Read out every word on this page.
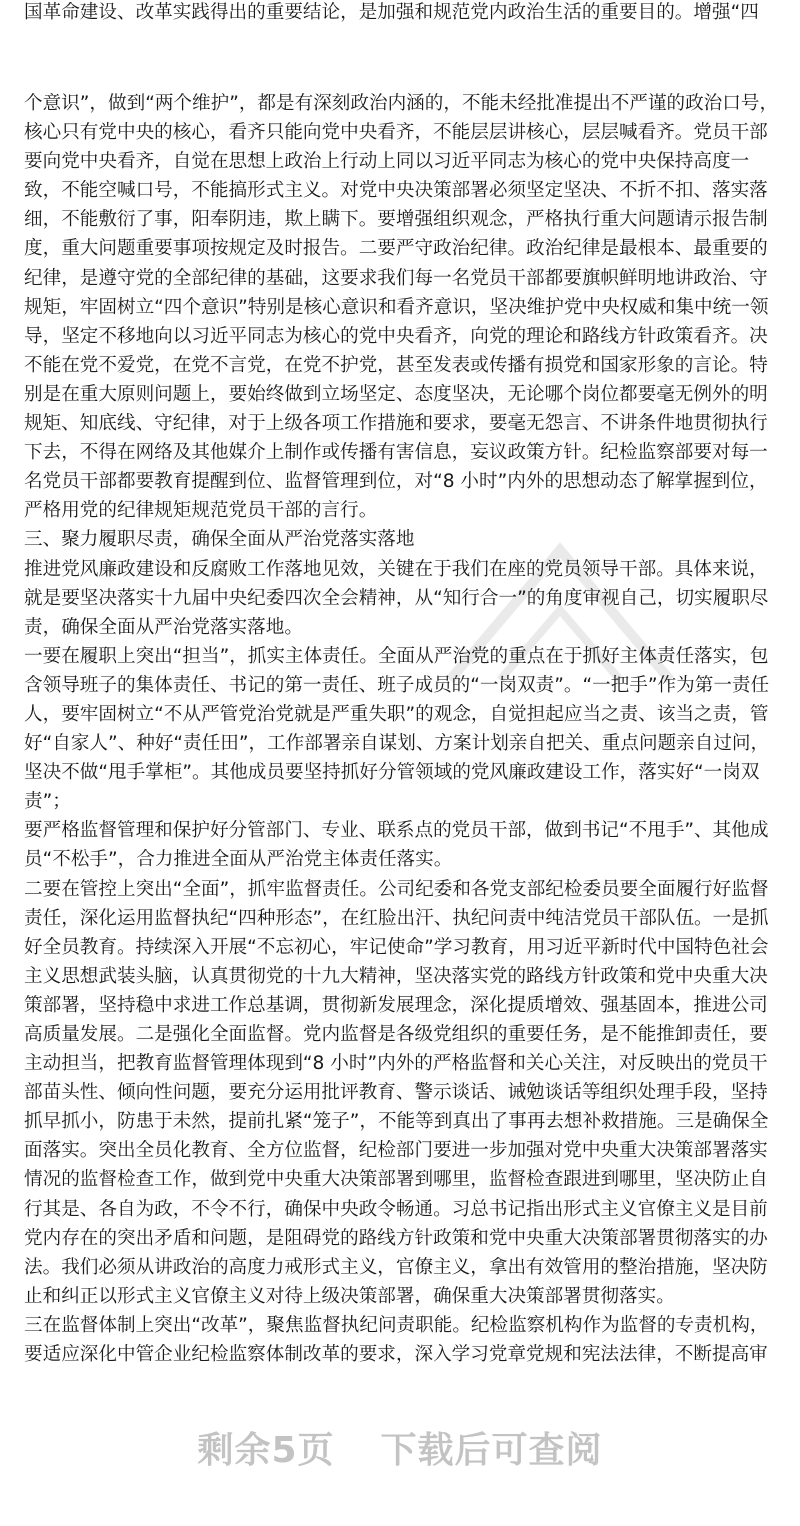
国革命建设、改革实践得出的重要结论，是加强和规范党内政治生活的重要目的。增强“四
个意识”，做到“两个维护”，都是有深刻政治内涵的，不能未经批准提出不严谨的政治口号，
核心只有党中央的核心，看齐只能向党中央看齐，不能层层讲核心，层层喊看齐。党员干部
要向党中央看齐，自觉在思想上政治上行动上同以习近平同志为核心的党中央保持高度一
致，不能空喊口号，不能搞形式主义。对党中央决策部署必须坚定坚决、不折不扣、落实落
细，不能敷衍了事，阳奉阴违，欺上瞒下。要增强组织观念，严格执行重大问题请示报告制
度，重大问题重要事项按规定及时报告。二要严守政治纪律。政治纪律是最根本、最重要的
纪律，是遵守党的全部纪律的基础，这要求我们每一名党员干部都要旗帜鲜明地讲政治、守
规矩，牢固树立“四个意识”特别是核心意识和看齐意识，坚决维护党中央权威和集中统一领
导，坚定不移地向以习近平同志为核心的党中央看齐，向党的理论和路线方针政策看齐。决
不能在党不爱党，在党不言党，在党不护党，甚至发表或传播有损党和国家形象的言论。特
别是在重大原则问题上，要始终做到立场坚定、态度坚决，无论哪个岗位都要毫无例外的明
规矩、知底线、守纪律，对于上级各项工作措施和要求，要毫无怨言、不讲条件地贯彻执行
下去，不得在网络及其他媒介上制作或传播有害信息，妄议政策方针。纪检监察部要对每一
名党员干部都要教育提醒到位、监督管理到位，对“8 小时”内外的思想动态了解掌握到位，
严格用党的纪律规矩规范党员干部的言行。
三、聚力履职尽责，确保全面从严治党落实落地
推进党风廉政建设和反腐败工作落地见效，关键在于我们在座的党员领导干部。具体来说，
就是要坚决落实十九届中央纪委四次全会精神，从“知行合一”的角度审视自己，切实履职尽
责，确保全面从严治党落实落地。
一要在履职上突出“担当”，抓实主体责任。全面从严治党的重点在于抓好主体责任落实，包
含领导班子的集体责任、书记的第一责任、班子成员的“一岗双责”。“一把手”作为第一责任
人，要牢固树立“不从严管党治党就是严重失职”的观念，自觉担起应当之责、该当之责，管
好“自家人”、种好“责任田”，工作部署亲自谋划、方案计划亲自把关、重点问题亲自过问，
坚决不做“甩手掌柜”。其他成员要坚持抓好分管领域的党风廉政建设工作，落实好“一岗双
责”；
要严格监督管理和保护好分管部门、专业、联系点的党员干部，做到书记“不甩手”、其他成
员“不松手”，合力推进全面从严治党主体责任落实。
二要在管控上突出“全面”，抓牢监督责任。公司纪委和各党支部纪检委员要全面履行好监督
责任，深化运用监督执纪“四种形态”，在红脸出汗、执纪问责中纯洁党员干部队伍。一是抓
好全员教育。持续深入开展“不忘初心，牢记使命”学习教育，用习近平新时代中国特色社会
主义思想武装头脑，认真贯彻党的十九大精神，坚决落实党的路线方针政策和党中央重大决
策部署，坚持稳中求进工作总基调，贯彻新发展理念，深化提质增效、强基固本，推进公司
高质量发展。二是强化全面监督。党内监督是各级党组织的重要任务，是不能推卸责任，要
主动担当，把教育监督管理体现到“8 小时”内外的严格监督和关心关注，对反映出的党员干
部苗头性、倾向性问题，要充分运用批评教育、警示谈话、诫勉谈话等组织处理手段，坚持
抓早抓小，防患于未然，提前扎紧“笼子”，不能等到真出了事再去想补救措施。三是确保全
面落实。突出全员化教育、全方位监督，纪检部门要进一步加强对党中央重大决策部署落实
情况的监督检查工作，做到党中央重大决策部署到哪里，监督检查跟进到哪里，坚决防止自
行其是、各自为政，不令不行，确保中央政令畅通。习总书记指出形式主义官僚主义是目前
党内存在的突出矛盾和问题，是阻碍党的路线方针政策和党中央重大决策部署贯彻落实的办
法。我们必须从讲政治的高度力戒形式主义，官僚主义，拿出有效管用的整治措施，坚决防
止和纠正以形式主义官僚主义对待上级决策部署，确保重大决策部署贯彻落实。
三在监督体制上突出“改革”，聚焦监督执纪问责职能。纪检监察机构作为监督的专责机构，
要适应深化中管企业纪检监察体制改革的要求，深入学习党章党规和宪法法律，不断提高审
剩余5页 下载后可查阅
